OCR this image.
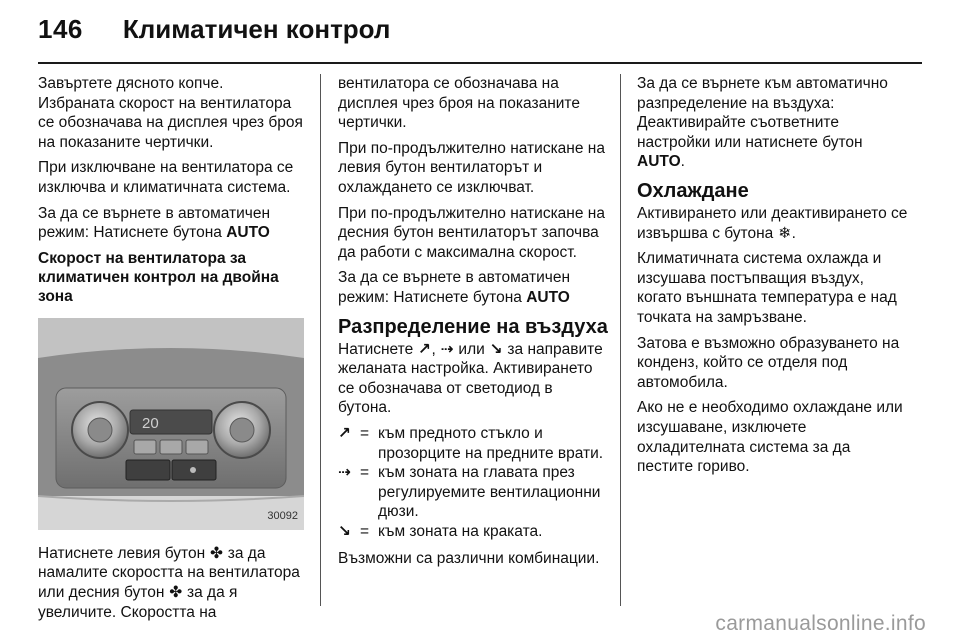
146 Климатичен контрол

Завъртете дясното копче. Избраната скорост на вентилатора се обозначава на дисплея чрез броя на показаните чертички.

При изключване на вентилатора се изключва и климатичната система.

За да се върнете в автоматичен режим: Натиснете бутона AUTO

Скорост на вентилатора за климатичен контрол на двойна зона
20
30092

Натиснете левия бутон ✤ за да намалите скоростта на вентилатора или десния бутон ✤ за да я увеличите. Скоростта на

вентилатора се обозначава на дисплея чрез броя на показаните чертички.

При по-продължително натискане на левия бутон вентилаторът и охлаждането се изключват.

При по-продължително натискане на десния бутон вентилаторът започва да работи с максимална скорост.

За да се върнете в автоматичен режим: Натиснете бутона AUTO

Разпределение на въздуха

Натиснете ↗, ⇢ или ↘ за направите желаната настройка. Активирането се обозначава от светодиод в бутона.

↗ = към предното стъкло и прозорците на предните врати.
⇢ = към зоната на главата през регулируемите вентилационни дюзи.
↘ = към зоната на краката.

Възможни са различни комбинации.

За да се върнете към автоматично разпределение на въздуха: Деактивирайте съответните настройки или натиснете бутон AUTO.

Охлаждане

Активирането или деактивирането се извършва с бутона ❄.

Климатичната система охлажда и изсушава постъпващия въздух, когато външната температура е над точката на замръзване.

Затова е възможно образуването на конденз, който се отделя под автомобила.

Ако не е необходимо охлаждане или изсушаване, изключете охладителната система за да пестите гориво.

carmanualsonline.info
